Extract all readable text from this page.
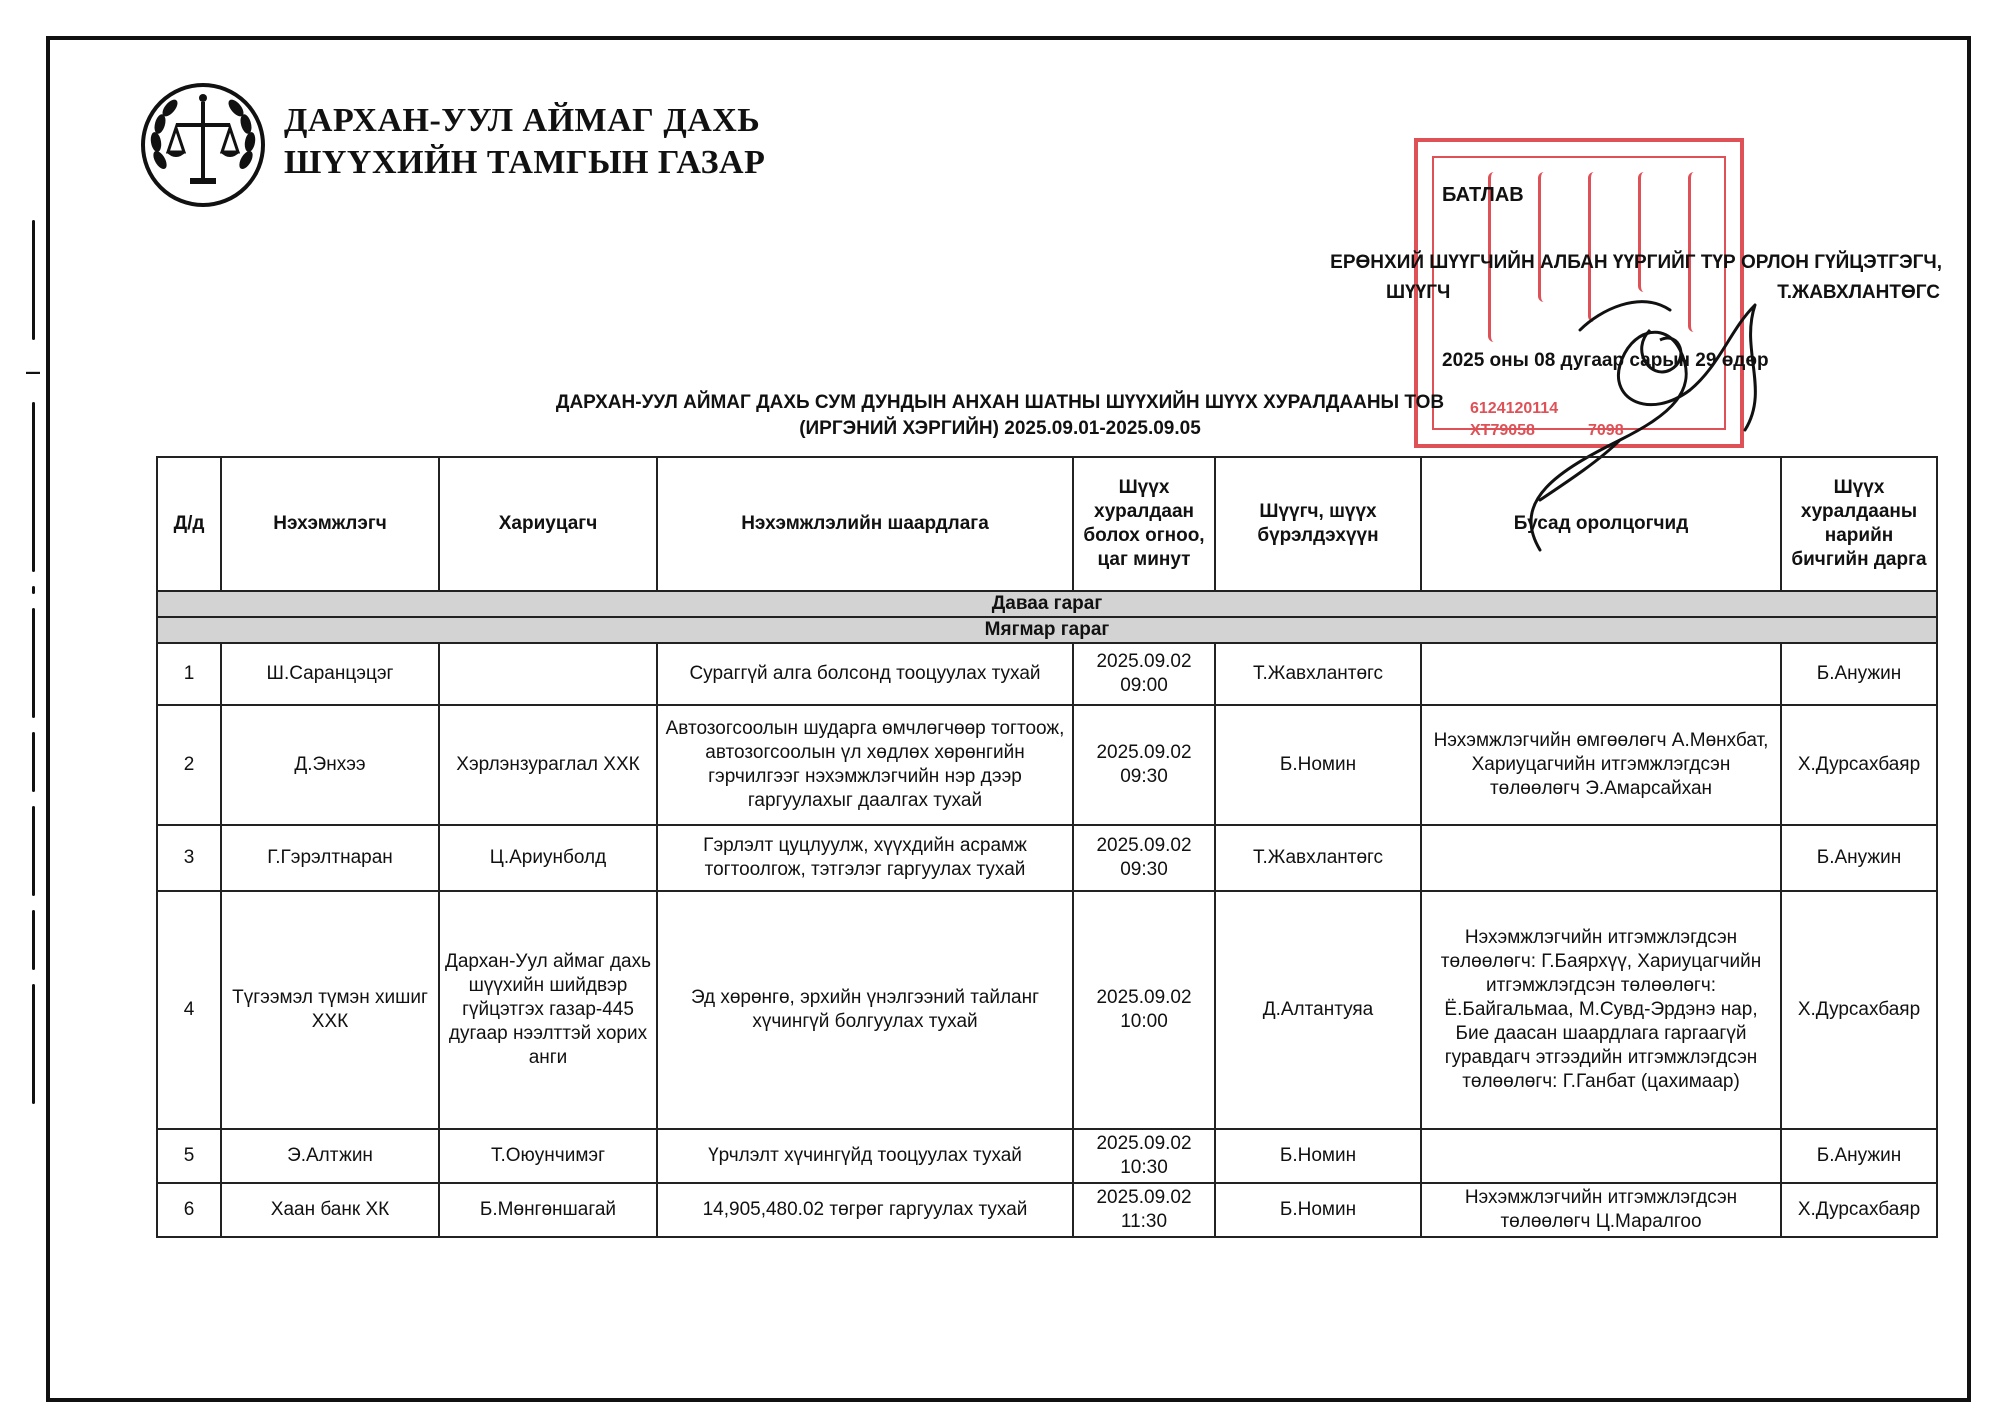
–
ДАРХАН-УУЛ АЙМАГ ДАХЬ
ШҮҮХИЙН ТАМГЫН ГАЗАР
6124120114
ХТ79058	7098
БАТЛАВ
ЕРӨНХИЙ ШҮҮГЧИЙН АЛБАН ҮҮРГИЙГ ТҮР ОРЛОН ГҮЙЦЭТГЭГЧ,
ШҮҮГЧ	Т.ЖАВХЛАНТӨГС
2025 оны 08 дугаар сарын 29 өдөр
ДАРХАН-УУЛ АЙМАГ ДАХЬ СУМ ДУНДЫН АНХАН ШАТНЫ ШҮҮХИЙН ШҮҮХ ХУРАЛДААНЫ ТОВ
(ИРГЭНИЙ ХЭРГИЙН) 2025.09.01-2025.09.05
Д/д	Нэхэмжлэгч	Хариуцагч	Нэхэмжлэлийн шаардлага	Шүүх хуралдаан болох огноо, цаг минут	Шүүгч, шүүх бүрэлдэхүүн	Бусад оролцогчид	Шүүх хуралдааны нарийн бичгийн дарга
Даваа гараг							
Мягмар гараг							
1	Ш.Саранцэцэг		Сураггүй алга болсонд тооцуулах тухай	2025.09.02
09:00	Т.Жавхлантөгс		Б.Анужин
2	Д.Энхээ	Хэрлэнзураглал ХХК	Автозогсоолын шударга өмчлөгчөөр тогтоож, автозогсоолын үл хөдлөх хөрөнгийн гэрчилгээг нэхэмжлэгчийн нэр дээр гаргуулахыг даалгах тухай	2025.09.02
09:30	Б.Номин	Нэхэмжлэгчийн өмгөөлөгч А.Мөнхбат, Хариуцагчийн итгэмжлэгдсэн төлөөлөгч Э.Амарсайхан	Х.Дурсахбаяр
3	Г.Гэрэлтнаран	Ц.Ариунболд	Гэрлэлт цуцлуулж, хүүхдийн асрамж тогтоолгож, тэтгэлэг гаргуулах тухай	2025.09.02
09:30	Т.Жавхлантөгс		Б.Анужин
4	Түгээмэл түмэн хишиг ХХК	Дархан-Уул аймаг дахь шүүхийн шийдвэр гүйцэтгэх газар-445 дугаар нээлттэй хорих анги	Эд хөрөнгө, эрхийн үнэлгээний тайланг хүчингүй болгуулах тухай	2025.09.02
10:00	Д.Алтантуяа	Нэхэмжлэгчийн итгэмжлэгдсэн төлөөлөгч: Г.Баярхүү, Хариуцагчийн итгэмжлэгдсэн төлөөлөгч: Ё.Байгальмаа, М.Сувд-Эрдэнэ нар, Бие даасан шаардлага гаргаагүй гуравдагч этгээдийн итгэмжлэгдсэн төлөөлөгч: Г.Ганбат (цахимаар)	Х.Дурсахбаяр
5	Э.Алтжин	Т.Оюунчимэг	Үрчлэлт хүчингүйд тооцуулах тухай	2025.09.02
10:30	Б.Номин		Б.Анужин
6	Хаан банк ХК	Б.Мөнгөншагай	14,905,480.02 төгрөг гаргуулах тухай	2025.09.02
11:30	Б.Номин	Нэхэмжлэгчийн итгэмжлэгдсэн төлөөлөгч Ц.Маралгоо	Х.Дурсахбаяр
